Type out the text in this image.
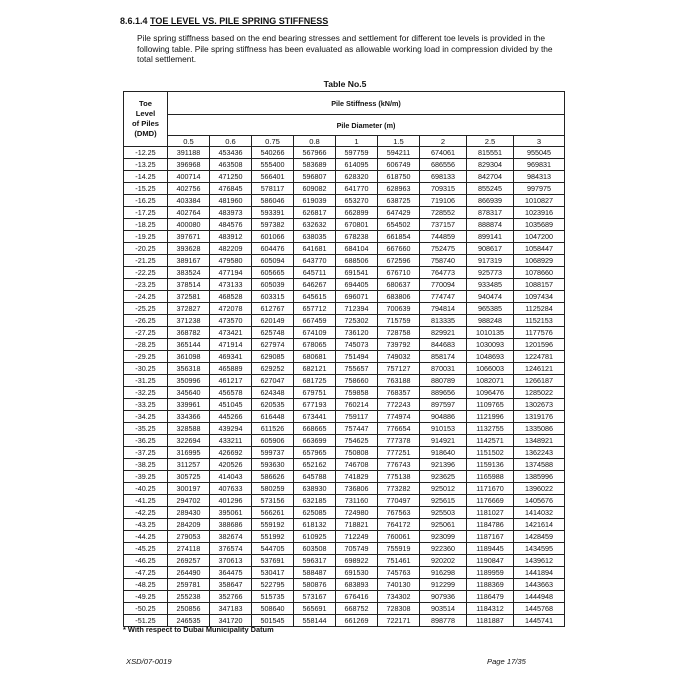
8.6.1.4 TOE LEVEL VS. PILE SPRING STIFFNESS
Pile spring stiffness based on the end bearing stresses and settlement for different toe levels is provided in the following table. Pile spring stiffness has been evaluated as allowable working load in compression divided by the total settlement.
Table No.5
Toe
Level
of Piles
(DMD)	Pile Stiffness (kN/m)								
	Pile Diameter (m)								
	0.5	0.6	0.75	0.8	1	1.5	2	2.5	3
-12.25	391188	453436	540266	567966	597759	594211	674061	815551	955045
-13.25	396968	463508	555400	583689	614095	606749	686556	829304	969831
-14.25	400714	471250	566401	596807	628320	618750	698133	842704	984313
-15.25	402756	476845	578117	609082	641770	628963	709315	855245	997975
-16.25	403384	481960	586046	619039	653270	638725	719106	866939	1010827
-17.25	402764	483973	593391	626817	662899	647429	728552	878317	1023916
-18.25	400080	484576	597382	632632	670801	654502	737157	888874	1035689
-19.25	397671	483912	601066	638035	678238	661854	744859	899141	1047200
-20.25	393628	482209	604476	641681	684104	667660	752475	908617	1058447
-21.25	389167	479580	605094	643770	688506	672596	758740	917319	1068929
-22.25	383524	477194	605665	645711	691541	676710	764773	925773	1078660
-23.25	378514	473133	605039	646267	694405	680637	770094	933485	1088157
-24.25	372581	468528	603315	645615	696071	683806	774747	940474	1097434
-25.25	372827	472078	612767	657712	712394	700639	794814	965385	1125284
-26.25	371238	473570	620149	667459	725302	715759	813335	988248	1152153
-27.25	368782	473421	625748	674109	736120	728758	829921	1010135	1177576
-28.25	365144	471914	627974	678065	745073	739792	844683	1030093	1201596
-29.25	361098	469341	629085	680681	751494	749032	858174	1048693	1224781
-30.25	356318	465889	629252	682121	755657	757127	870031	1066003	1246121
-31.25	350996	461217	627047	681725	758660	763188	880789	1082071	1266187
-32.25	345640	456578	624348	679751	759858	768357	889656	1096476	1285022
-33.25	339961	451045	620535	677193	760214	772243	897597	1109765	1302673
-34.25	334366	445266	616448	673441	759117	774974	904886	1121996	1319176
-35.25	328588	439294	611526	668665	757447	776654	910153	1132755	1335086
-36.25	322694	433211	605906	663699	754625	777378	914921	1142571	1348921
-37.25	316995	426692	599737	657965	750808	777251	918640	1151502	1362243
-38.25	311257	420526	593630	652162	746708	776743	921396	1159136	1374588
-39.25	305725	414043	586626	645788	741829	775138	923625	1165988	1385996
-40.25	300197	407633	580259	638930	736806	773282	925012	1171670	1396022
-41.25	294702	401296	573156	632185	731160	770497	925615	1176669	1405676
-42.25	289430	395061	566261	625085	724980	767563	925503	1181027	1414032
-43.25	284209	388686	559192	618132	718821	764172	925061	1184786	1421614
-44.25	279053	382674	551992	610925	712249	760061	923099	1187167	1428459
-45.25	274118	376574	544705	603508	705749	755919	922360	1189445	1434595
-46.25	269257	370613	537691	596317	698922	751461	920202	1190847	1439612
-47.25	264490	364475	530417	588487	691530	745763	916298	1189959	1441894
-48.25	259781	358647	522795	580876	683893	740130	912299	1188369	1443663
-49.25	255238	352766	515735	573167	676416	734302	907936	1186479	1444948
-50.25	250856	347183	508640	565691	668752	728308	903514	1184312	1445768
-51.25	246535	341720	501545	558144	661269	722171	898778	1181887	1445741
* With respect to Dubai Municipality Datum
XSD/07-0019	Page 17/35
